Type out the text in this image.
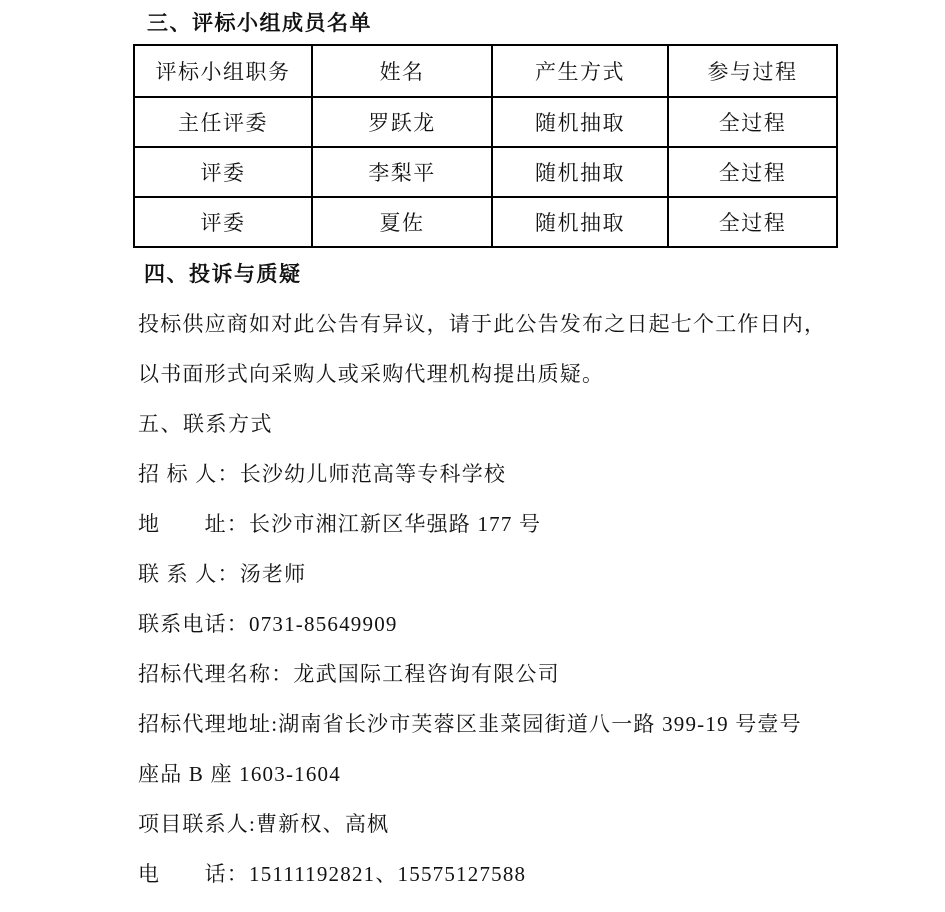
三、评标小组成员名单
评标小组职务	姓名	产生方式	参与过程
主任评委	罗跃龙	随机抽取	全过程
评委	李梨平	随机抽取	全过程
评委	夏佐	随机抽取	全过程
四、投诉与质疑

投标供应商如对此公告有异议，请于此公告发布之日起七个工作日内，

以书面形式向采购人或采购代理机构提出质疑。

五、联系方式

招 标 人：长沙幼儿师范高等专科学校

地　　址：长沙市湘江新区华强路 177 号

联 系 人：汤老师

联系电话：0731-85649909

招标代理名称：龙武国际工程咨询有限公司

招标代理地址:湖南省长沙市芙蓉区韭菜园街道八一路 399-19 号壹号

座品 B 座 1603-1604

项目联系人:曹新权、高枫

电　　话：15111192821、15575127588
